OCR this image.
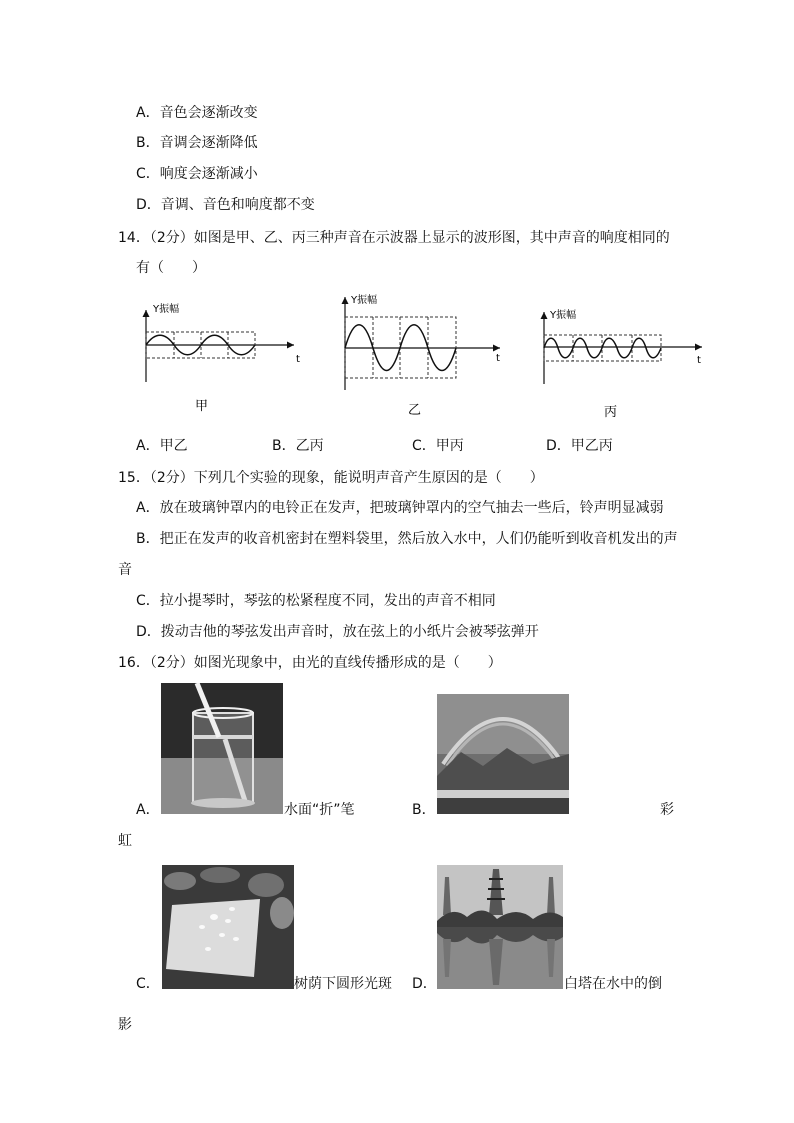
A．音色会逐渐改变
B．音调会逐渐降低
C．响度会逐渐减小
D．音调、音色和响度都不变
14．（2分）如图是甲、乙、丙三种声音在示波器上显示的波形图，其中声音的响度相同的
有（　　）
Y振幅
t
甲
Y振幅
t
乙
Y振幅
t
丙
A．甲乙	B．乙丙	C．甲丙	D．甲乙丙
15．（2分）下列几个实验的现象，能说明声音产生原因的是（　　）
A．放在玻璃钟罩内的电铃正在发声，把玻璃钟罩内的空气抽去一些后，铃声明显减弱
B．把正在发声的收音机密封在塑料袋里，然后放入水中，人们仍能听到收音机发出的声
音
C．拉小提琴时，琴弦的松紧程度不同，发出的声音不相同
D．拨动吉他的琴弦发出声音时，放在弦上的小纸片会被琴弦弹开
16．（2分）如图光现象中，由光的直线传播形成的是（　　）
A．	水面“折”笔	B．	彩
虹
C．	树荫下圆形光斑 D．	白塔在水中的倒
影
